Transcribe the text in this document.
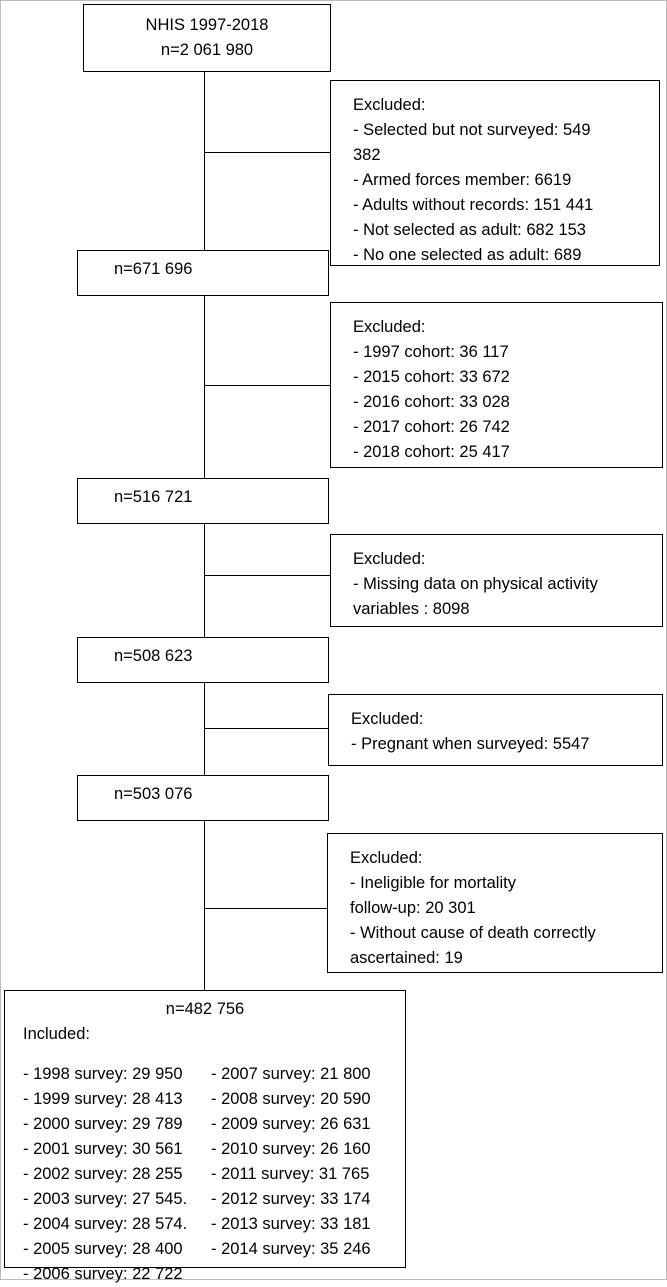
NHIS 1997-2018
n=2 061 980
Excluded:
- Selected but not surveyed: 549
382
- Armed forces member: 6619
- Adults without records: 151 441
- Not selected as adult: 682 153
- No one selected as adult: 689
n=671 696
Excluded:
- 1997 cohort: 36 117
- 2015 cohort: 33 672
- 2016 cohort: 33 028
- 2017 cohort: 26 742
- 2018 cohort: 25 417
n=516 721
Excluded:
- Missing data on physical activity
variables : 8098
n=508 623
Excluded:
- Pregnant when surveyed: 5547
n=503 076
Excluded:
- Ineligible for mortality
follow-up: 20 301
- Without cause of death correctly
ascertained: 19
n=482 756
Included:
- 1998 survey: 29 950
- 1999 survey: 28 413
- 2000 survey: 29 789
- 2001 survey: 30 561
- 2002 survey: 28 255
- 2003 survey: 27 545.
- 2004 survey: 28 574.
- 2005 survey: 28 400
- 2006 survey: 22 722
- 2007 survey: 21 800
- 2008 survey: 20 590
- 2009 survey: 26 631
- 2010 survey: 26 160
- 2011 survey: 31 765
- 2012 survey: 33 174
- 2013 survey: 33 181
- 2014 survey: 35 246
